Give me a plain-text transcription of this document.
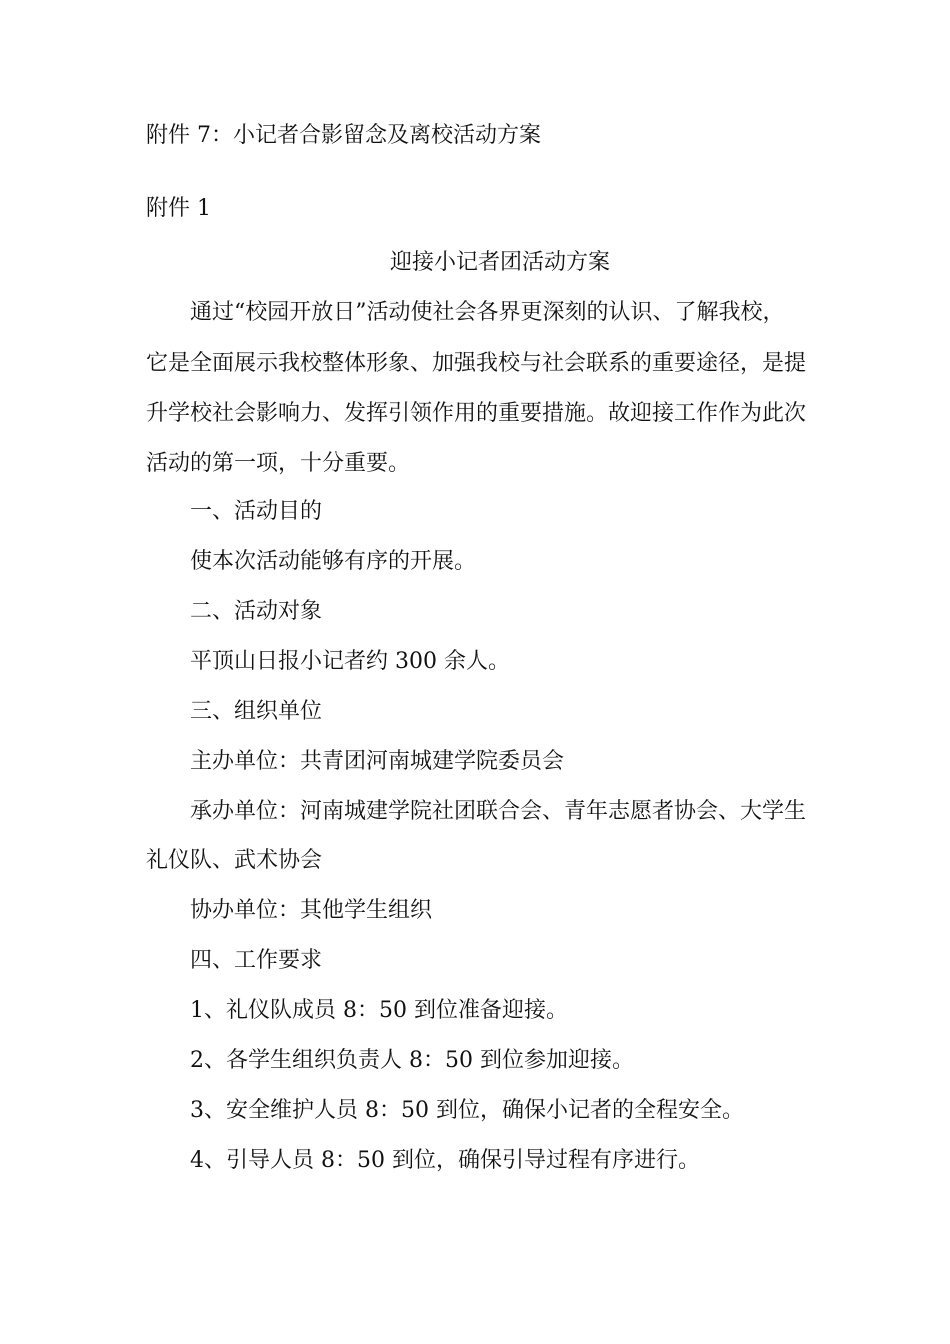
附件 7：小记者合影留念及离校活动方案
附件 1
迎接小记者团活动方案
通过“校园开放日”活动使社会各界更深刻的认识、了解我校，
它是全面展示我校整体形象、加强我校与社会联系的重要途径，是提
升学校社会影响力、发挥引领作用的重要措施。故迎接工作作为此次
活动的第一项，十分重要。
一、活动目的
使本次活动能够有序的开展。
二、活动对象
平顶山日报小记者约 300 余人。
三、组织单位
主办单位：共青团河南城建学院委员会
承办单位：河南城建学院社团联合会、青年志愿者协会、大学生
礼仪队、武术协会
协办单位：其他学生组织
四、工作要求
1、礼仪队成员 8：50 到位准备迎接。
2、各学生组织负责人 8：50 到位参加迎接。
3、安全维护人员 8：50 到位，确保小记者的全程安全。
4、引导人员 8：50 到位，确保引导过程有序进行。
